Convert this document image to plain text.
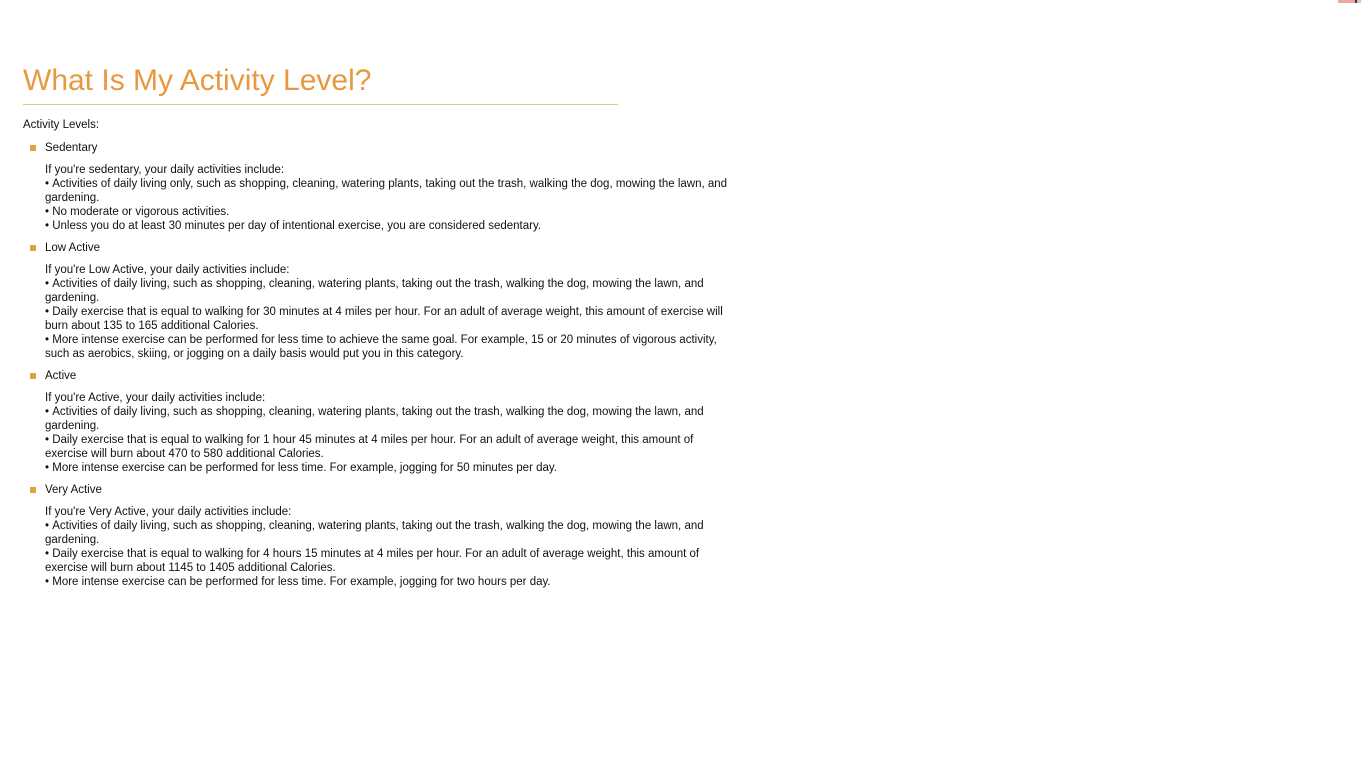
What Is My Activity Level?
Activity Levels:
Sedentary
If you're sedentary, your daily activities include:
• Activities of daily living only, such as shopping, cleaning, watering plants, taking out the trash, walking the dog, mowing the lawn, and gardening.
• No moderate or vigorous activities.
• Unless you do at least 30 minutes per day of intentional exercise, you are considered sedentary.
Low Active
If you're Low Active, your daily activities include:
• Activities of daily living, such as shopping, cleaning, watering plants, taking out the trash, walking the dog, mowing the lawn, and gardening.
• Daily exercise that is equal to walking for 30 minutes at 4 miles per hour. For an adult of average weight, this amount of exercise will burn about 135 to 165 additional Calories.
• More intense exercise can be performed for less time to achieve the same goal. For example, 15 or 20 minutes of vigorous activity, such as aerobics, skiing, or jogging on a daily basis would put you in this category.
Active
If you're Active, your daily activities include:
• Activities of daily living, such as shopping, cleaning, watering plants, taking out the trash, walking the dog, mowing the lawn, and gardening.
• Daily exercise that is equal to walking for 1 hour 45 minutes at 4 miles per hour. For an adult of average weight, this amount of exercise will burn about 470 to 580 additional Calories.
• More intense exercise can be performed for less time. For example, jogging for 50 minutes per day.
Very Active
If you're Very Active, your daily activities include:
• Activities of daily living, such as shopping, cleaning, watering plants, taking out the trash, walking the dog, mowing the lawn, and gardening.
• Daily exercise that is equal to walking for 4 hours 15 minutes at 4 miles per hour. For an adult of average weight, this amount of exercise will burn about 1145 to 1405 additional Calories.
• More intense exercise can be performed for less time. For example, jogging for two hours per day.
